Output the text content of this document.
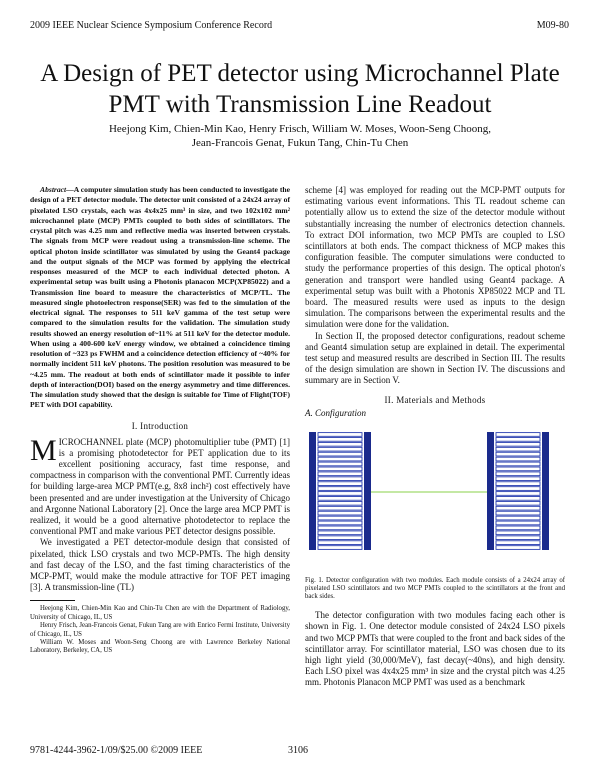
2009 IEEE Nuclear Science Symposium Conference Record	M09-80
A Design of PET detector using Microchannel Plate PMT with Transmission Line Readout
Heejong Kim, Chien-Min Kao, Henry Frisch, William W. Moses, Woon-Seng Choong,
Jean-Francois Genat, Fukun Tang, Chin-Tu Chen

Abstract—A computer simulation study has been conducted to investigate the design of a PET detector module. The detector unit consisted of a 24x24 array of pixelated LSO crystals, each was 4x4x25 mm³ in size, and two 102x102 mm² microchannel plate (MCP) PMTs coupled to both sides of scintillators. The crystal pitch was 4.25 mm and reflective media was inserted between crystals. The signals from MCP were readout using a transmission-line scheme. The optical photon inside scintillator was simulated by using the Geant4 package and the output signals of the MCP was formed by applying the electrical responses measured of the MCP to each individual detected photon. A experimental setup was built using a Photonis planacon MCP(XP85022) and a Transmission line board to measure the characteristics of MCP/TL. The measured single photoelectron response(SER) was fed to the simulation of the electrical signal. The responses to 511 keV gamma of the test setup were compared to the simulation results for the validation. The simulation study results showed an energy resolution of~11% at 511 keV for the detector module. When using a 400-600 keV energy window, we obtained a coincidence timing resolution of ~323 ps FWHM and a coincidence detection efficiency of ~40% for normally incident 511 keV photons. The position resolution was measured to be ~4.25 mm. The readout at both ends of scintillator made it possible to infer depth of interaction(DOI) based on the energy asymmetry and time differences. The simulation study showed that the design is suitable for Time of Flight(TOF) PET with DOI capability.

I. Introduction

MICROCHANNEL plate (MCP) photomultiplier tube (PMT) [1] is a promising photodetector for PET application due to its excellent positioning accuracy, fast time response, and compactness in comparison with the conventional PMT. Currently ideas for building large-area MCP PMT(e.g, 8x8 inch²) cost effectively have been presented and are under investigation at the University of Chicago and Argonne National Laboratory [2]. Once the large area MCP PMT is realized, it would be a good alternative photodetector to replace the conventional PMT and make various PET detector designs possible.

We investigated a PET detector-module design that consisted of pixelated, thick LSO crystals and two MCP-PMTs. The high density and fast decay of the LSO, and the fast timing characteristics of the MCP-PMT, would make the module attractive for TOF PET imaging [3]. A transmission-line (TL)

Heejong Kim, Chien-Min Kao and Chin-Tu Chen are with the Department of Radiology, University of Chicago, IL, US

Henry Frisch, Jean-Francois Genat, Fukun Tang are with Enrico Fermi Institute, University of Chicago, IL, US

William W. Moses and Woon-Seng Choong are with Lawrence Berkeley National Laboratory, Berkeley, CA, US

scheme [4] was employed for reading out the MCP-PMT outputs for estimating various event informations. This TL readout scheme can potentially allow us to extend the size of the detector module without substantially increasing the number of electronics detection channels. To extract DOI information, two MCP PMTs are coupled to LSO scintillators at both ends. The compact thickness of MCP makes this configuration feasible. The computer simulations were conducted to study the performance properties of this design. The optical photon's generation and transport were handled using Geant4 package. A experimental setup was built with a Photonis XP85022 MCP and TL board. The measured results were used as inputs to the design simulation. The comparisons between the experimental results and the simulation were done for the validation.

In Section II, the proposed detector configurations, readout scheme and Geant4 simulation setup are explained in detail. The experimental test setup and measured results are described in Section III. The results of the design simulation are shown in Section IV. The discussions and summary are in Section V.

II. Materials and Methods

A. Configuration

Fig. 1. Detector configuration with two modules. Each module consists of a 24x24 array of pixelated LSO scintillators and two MCP PMTs coupled to the scintillators at the front and back sides.

The detector configuration with two modules facing each other is shown in Fig. 1. One detector module consisted of 24x24 LSO pixels and two MCP PMTs that were coupled to the front and back sides of the scintillator array. For scintillator material, LSO was chosen due to its high light yield (30,000/MeV), fast decay(~40ns), and high density. Each LSO pixel was 4x4x25 mm³ in size and the crystal pitch was 4.25 mm. Photonis Planacon MCP PMT was used as a benchmark

9781-4244-3962-1/09/$25.00 ©2009 IEEE	3106
